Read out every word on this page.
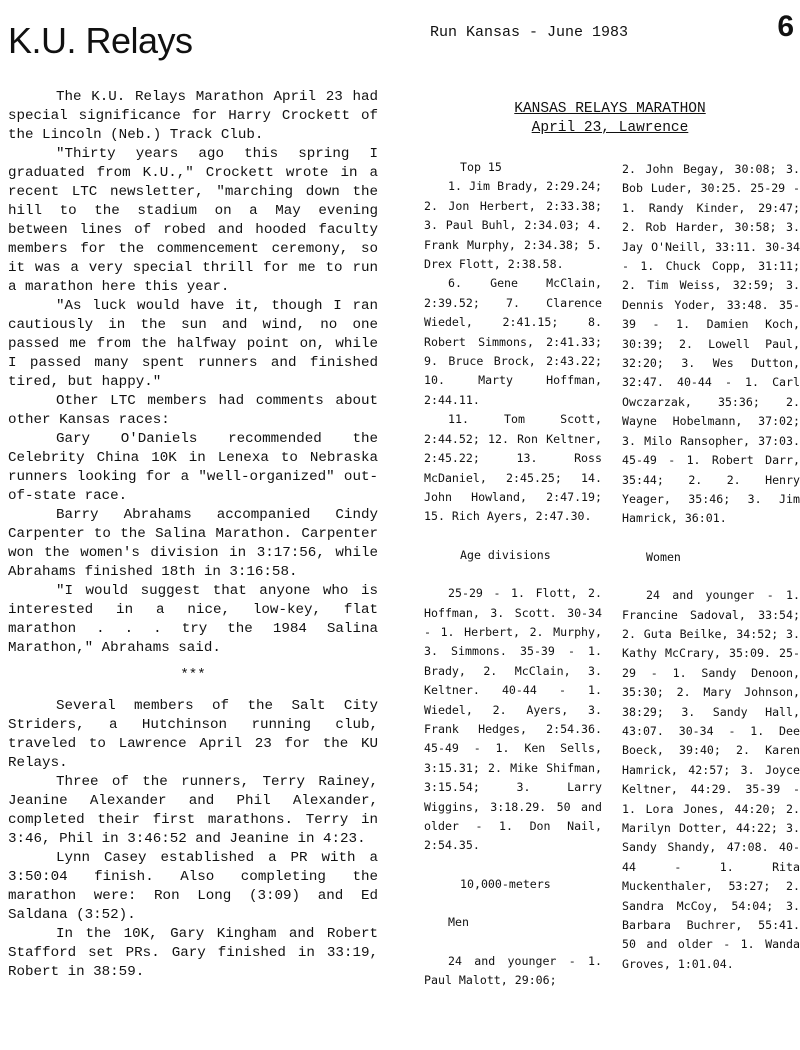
K.U. Relays	Run Kansas - June 1983	6

The K.U. Relays Marathon April 23 had special significance for Harry Crockett of the Lincoln (Neb.) Track Club.

"Thirty years ago this spring I graduated from K.U.," Crockett wrote in a recent LTC newsletter, "marching down the hill to the stadium on a May evening between lines of robed and hooded faculty members for the commencement ceremony, so it was a very special thrill for me to run a marathon here this year.

"As luck would have it, though I ran cautiously in the sun and wind, no one passed me from the halfway point on, while I passed many spent runners and finished tired, but happy."

Other LTC members had comments about other Kansas races:

Gary O'Daniels recommended the Celebrity China 10K in Lenexa to Nebraska runners looking for a "well-organized" out-of-state race.

Barry Abrahams accompanied Cindy Carpenter to the Salina Marathon. Carpenter won the women's division in 3:17:56, while Abrahams finished 18th in 3:16:58.

"I would suggest that anyone who is interested in a nice, low-key, flat marathon . . . try the 1984 Salina Marathon," Abrahams said.

***

Several members of the Salt City Striders, a Hutchinson running club, traveled to Lawrence April 23 for the KU Relays.

Three of the runners, Terry Rainey, Jeanine Alexander and Phil Alexander, completed their first marathons. Terry in 3:46, Phil in 3:46:52 and Jeanine in 4:23.

Lynn Casey established a PR with a 3:50:04 finish. Also completing the marathon were: Ron Long (3:09) and Ed Saldana (3:52).

In the 10K, Gary Kingham and Robert Stafford set PRs. Gary finished in 33:19, Robert in 38:59.

KANSAS RELAYS MARATHON
April 23, Lawrence

Top 15

1. Jim Brady, 2:29.24; 2. Jon Herbert, 2:33.38; 3. Paul Buhl, 2:34.03; 4. Frank Murphy, 2:34.38; 5. Drex Flott, 2:38.58.

6. Gene McClain, 2:39.52; 7. Clarence Wiedel, 2:41.15; 8. Robert Simmons, 2:41.33; 9. Bruce Brock, 2:43.22; 10. Marty Hoffman, 2:44.11.

11. Tom Scott, 2:44.52; 12. Ron Keltner, 2:45.22; 13. Ross McDaniel, 2:45.25; 14. John Howland, 2:47.19; 15. Rich Ayers, 2:47.30.

Age divisions

25-29 - 1. Flott, 2. Hoffman, 3. Scott. 30-34 - 1. Herbert, 2. Murphy, 3. Simmons. 35-39 - 1. Brady, 2. McClain, 3. Keltner. 40-44 - 1. Wiedel, 2. Ayers, 3. Frank Hedges, 2:54.36. 45-49 - 1. Ken Sells, 3:15.31; 2. Mike Shifman, 3:15.54; 3. Larry Wiggins, 3:18.29. 50 and older - 1. Don Nail, 2:54.35.

10,000-meters

Men

24 and younger - 1. Paul Malott, 29:06;

2. John Begay, 30:08; 3. Bob Luder, 30:25. 25-29 - 1. Randy Kinder, 29:47; 2. Rob Harder, 30:58; 3. Jay O'Neill, 33:11. 30-34 - 1. Chuck Copp, 31:11; 2. Tim Weiss, 32:59; 3. Dennis Yoder, 33:48. 35-39 - 1. Damien Koch, 30:39; 2. Lowell Paul, 32:20; 3. Wes Dutton, 32:47. 40-44 - 1. Carl Owczarzak, 35:36; 2. Wayne Hobelmann, 37:02; 3. Milo Ransopher, 37:03. 45-49 - 1. Robert Darr, 35:44; 2. 2. Henry Yeager, 35:46; 3. Jim Hamrick, 36:01.

Women

24 and younger - 1. Francine Sadoval, 33:54; 2. Guta Beilke, 34:52; 3. Kathy McCrary, 35:09. 25-29 - 1. Sandy Denoon, 35:30; 2. Mary Johnson, 38:29; 3. Sandy Hall, 43:07. 30-34 - 1. Dee Boeck, 39:40; 2. Karen Hamrick, 42:57; 3. Joyce Keltner, 44:29. 35-39 - 1. Lora Jones, 44:20; 2. Marilyn Dotter, 44:22; 3. Sandy Shandy, 47:08. 40-44 - 1. Rita Muckenthaler, 53:27; 2. Sandra McCoy, 54:04; 3. Barbara Buchrer, 55:41. 50 and older - 1. Wanda Groves, 1:01.04.
